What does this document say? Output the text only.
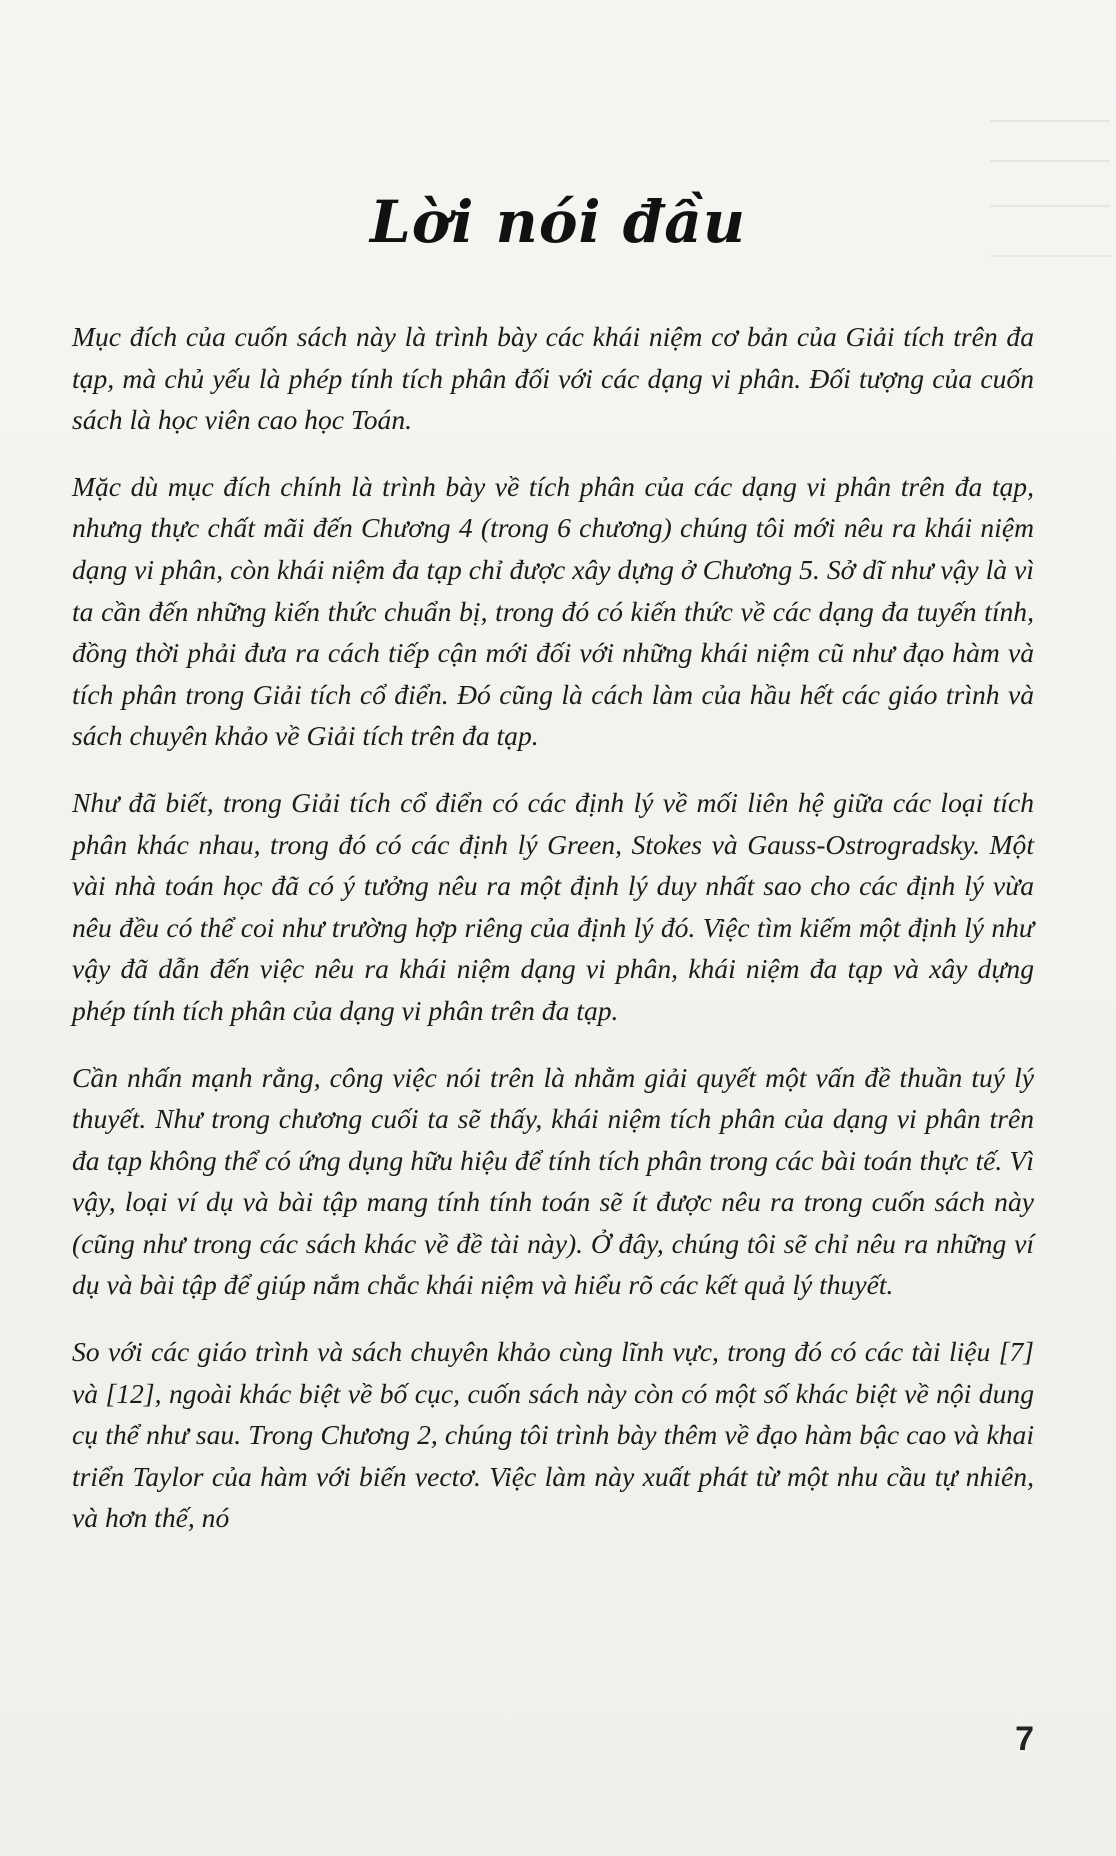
Lời nói đầu

Mục đích của cuốn sách này là trình bày các khái niệm cơ bản của Giải tích trên đa tạp, mà chủ yếu là phép tính tích phân đối với các dạng vi phân. Đối tượng của cuốn sách là học viên cao học Toán.

Mặc dù mục đích chính là trình bày về tích phân của các dạng vi phân trên đa tạp, nhưng thực chất mãi đến Chương 4 (trong 6 chương) chúng tôi mới nêu ra khái niệm dạng vi phân, còn khái niệm đa tạp chỉ được xây dựng ở Chương 5. Sở dĩ như vậy là vì ta cần đến những kiến thức chuẩn bị, trong đó có kiến thức về các dạng đa tuyến tính, đồng thời phải đưa ra cách tiếp cận mới đối với những khái niệm cũ như đạo hàm và tích phân trong Giải tích cổ điển. Đó cũng là cách làm của hầu hết các giáo trình và sách chuyên khảo về Giải tích trên đa tạp.

Như đã biết, trong Giải tích cổ điển có các định lý về mối liên hệ giữa các loại tích phân khác nhau, trong đó có các định lý Green, Stokes và Gauss-Ostrogradsky. Một vài nhà toán học đã có ý tưởng nêu ra một định lý duy nhất sao cho các định lý vừa nêu đều có thể coi như trường hợp riêng của định lý đó. Việc tìm kiếm một định lý như vậy đã dẫn đến việc nêu ra khái niệm dạng vi phân, khái niệm đa tạp và xây dựng phép tính tích phân của dạng vi phân trên đa tạp.

Cần nhấn mạnh rằng, công việc nói trên là nhằm giải quyết một vấn đề thuần tuý lý thuyết. Như trong chương cuối ta sẽ thấy, khái niệm tích phân của dạng vi phân trên đa tạp không thể có ứng dụng hữu hiệu để tính tích phân trong các bài toán thực tế. Vì vậy, loại ví dụ và bài tập mang tính tính toán sẽ ít được nêu ra trong cuốn sách này (cũng như trong các sách khác về đề tài này). Ở đây, chúng tôi sẽ chỉ nêu ra những ví dụ và bài tập để giúp nắm chắc khái niệm và hiểu rõ các kết quả lý thuyết.

So với các giáo trình và sách chuyên khảo cùng lĩnh vực, trong đó có các tài liệu [7] và [12], ngoài khác biệt về bố cục, cuốn sách này còn có một số khác biệt về nội dung cụ thể như sau. Trong Chương 2, chúng tôi trình bày thêm về đạo hàm bậc cao và khai triển Taylor của hàm với biến vectơ. Việc làm này xuất phát từ một nhu cầu tự nhiên, và hơn thế, nó

7
